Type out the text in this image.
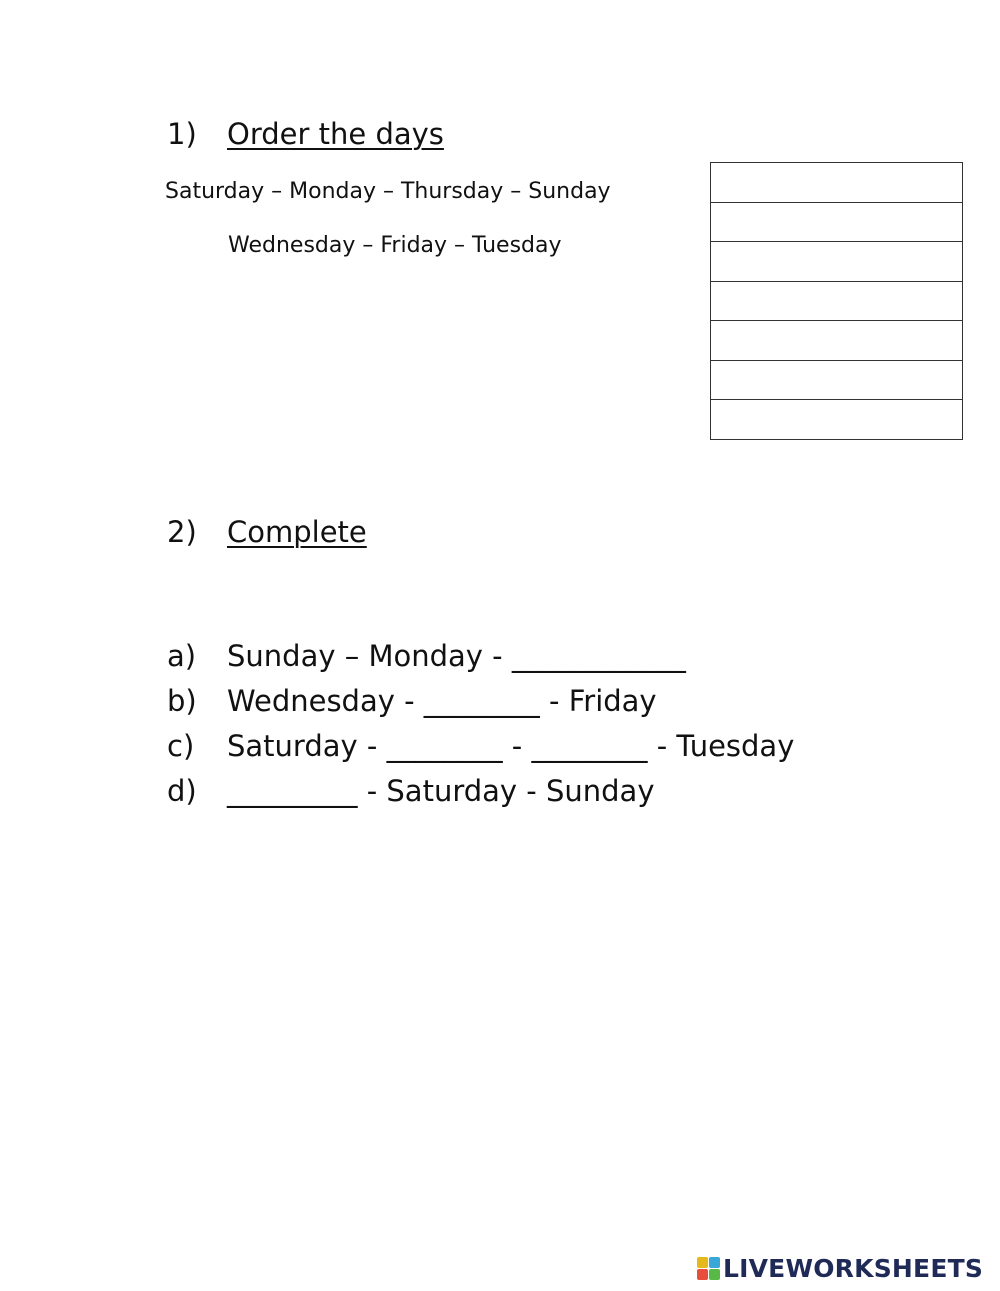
1) Order the days
Saturday – Monday – Thursday – Sunday
Wednesday – Friday – Tuesday

2) Complete
a) Sunday – Monday - ____________
b) Wednesday - ________ - Friday
c) Saturday - ________ - ________ - Tuesday
d) _________ - Saturday - Sunday
LIVEWORKSHEETS
